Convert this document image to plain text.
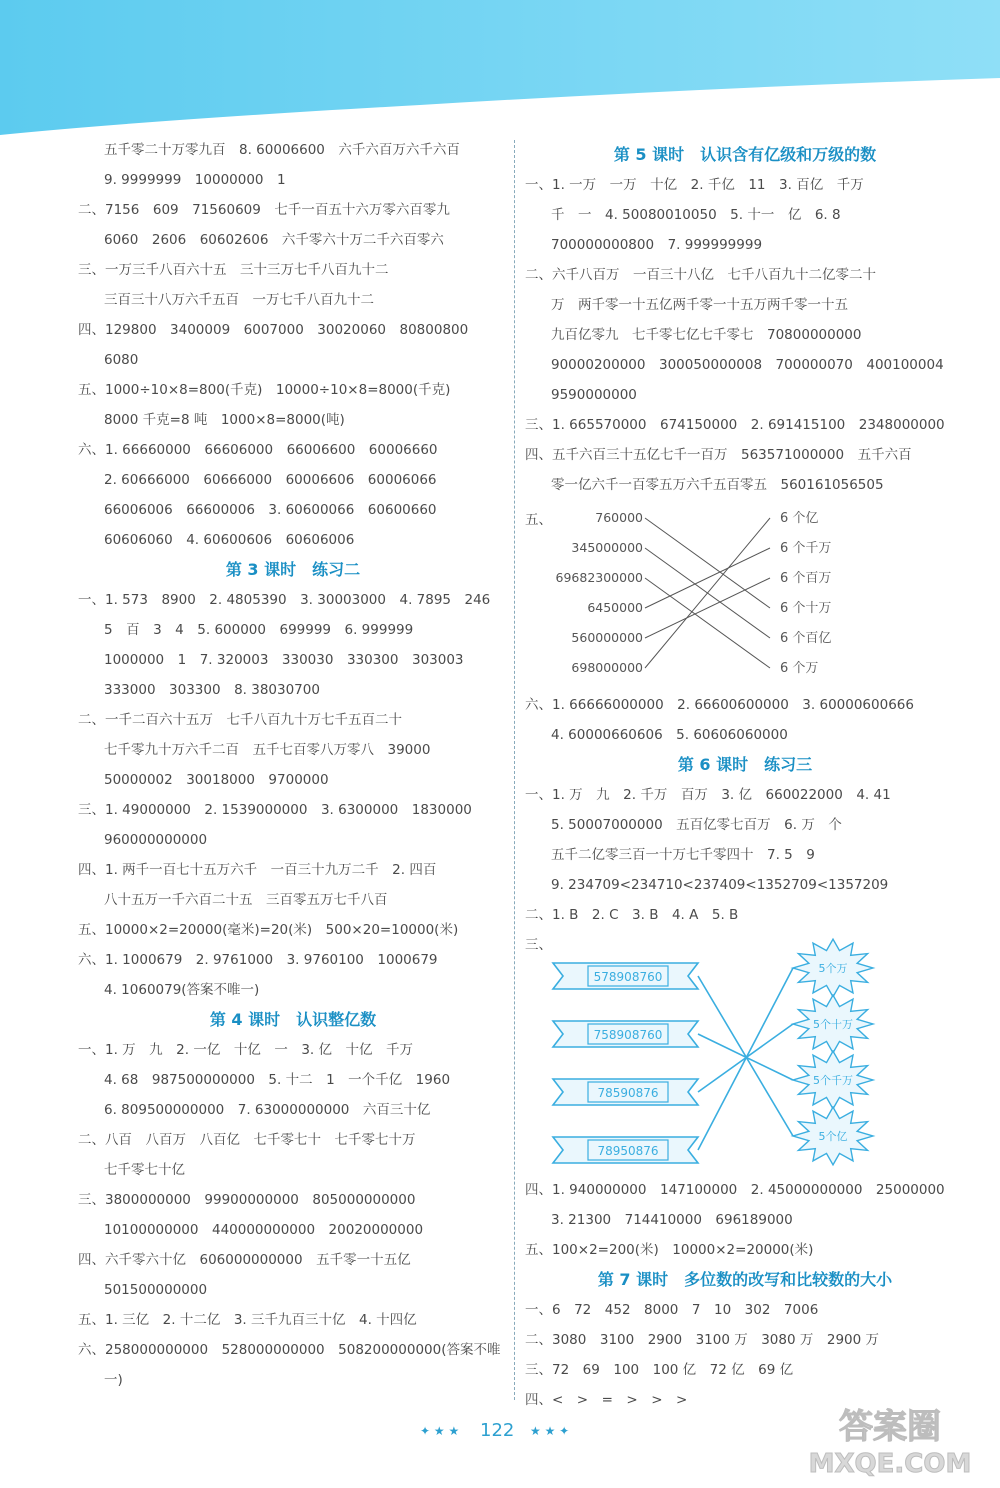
五千零二十万零九百　8. 60006600　六千六百万六千六百
9. 9999999　10000000　1
二、7156　609　71560609　七千一百五十六万零六百零九
6060　2606　60602606　六千零六十万二千六百零六
三、一万三千八百六十五　三十三万七千八百九十二
三百三十八万六千五百　一万七千八百九十二
四、129800　3400009　6007000　30020060　80800800
6080
五、1000÷10×8=800(千克)　10000÷10×8=8000(千克)
8000 千克=8 吨　1000×8=8000(吨)
六、1. 66660000　66606000　66006600　60006660
2. 60666000　60666000　60006606　60006066
66006006　66600006　3. 60600066　60600660
60606060　4. 60600606　60606006
第 3 课时　练习二
一、1. 573　8900　2. 4805390　3. 30003000　4. 7895　246
5　百　3　4　5. 600000　699999　6. 999999
1000000　1　7. 320003　330030　330300　303003
333000　303300　8. 38030700
二、一千二百六十五万　七千八百九十万七千五百二十
七千零九十万六千二百　五千七百零八万零八　39000
50000002　30018000　9700000
三、1. 49000000　2. 1539000000　3. 6300000　1830000
960000000000
四、1. 两千一百七十五万六千　一百三十九万二千　2. 四百
八十五万一千六百二十五　三百零五万七千八百
五、10000×2=20000(毫米)=20(米)　500×20=10000(米)
六、1. 1000679　2. 9761000　3. 9760100　1000679
4. 1060079(答案不唯一)
第 4 课时　认识整亿数
一、1. 万　九　2. 一亿　十亿　一　3. 亿　十亿　千万
4. 68　987500000000　5. 十二　1　一个千亿　1960
6. 809500000000　7. 63000000000　六百三十亿
二、八百　八百万　八百亿　七千零七十　七千零七十万
七千零七十亿
三、3800000000　99900000000　805000000000
10100000000　440000000000　20020000000
四、六千零六十亿　606000000000　五千零一十五亿
501500000000
五、1. 三亿　2. 十二亿　3. 三千九百三十亿　4. 十四亿
六、258000000000　528000000000　508200000000(答案不唯
一)
第 5 课时　认识含有亿级和万级的数
一、1. 一万　一万　十亿　2. 千亿　11　3. 百亿　千万
千　一　4. 50080010050　5. 十一　亿　6. 8
700000000800　7. 999999999
二、六千八百万　一百三十八亿　七千八百九十二亿零二十
万　两千零一十五亿两千零一十五万两千零一十五
九百亿零九　七千零七亿七千零七　70800000000
90000200000　300050000008　700000070　400100004
9590000000
三、1. 665570000　674150000　2. 691415100　2348000000
四、五千六百三十五亿七千一百万　563571000000　五千六百
零一亿六千一百零五万六千五百零五　560161056505
六、1. 66666000000　2. 66600600000　3. 60000600666
4. 60000660606　5. 60606060000
第 6 课时　练习三
一、1. 万　九　2. 千万　百万　3. 亿　660022000　4. 41
5. 50007000000　五百亿零七百万　6. 万　个
五千二亿零三百一十万七千零四十　7. 5　9
9. 234709<234710<237409<1352709<1357209
二、1. B　2. C　3. B　4. A　5. B
三、
四、1. 940000000　147100000　2. 45000000000　25000000
3. 21300　714410000　696189000
五、100×2=200(米)　10000×2=20000(米)
第 7 课时　多位数的改写和比较数的大小
一、6　72　452　8000　7　10　302　7006
二、3080　3100　2900　3100 万　3080 万　2900 万
三、72　69　100　100 亿　72 亿　69 亿
四、<　>　=　>　>　>
五、	760000
345000000
69682300000
6450000
560000000
698000000
6 个亿
6 个千万
6 个百万
6 个十万
6 个百亿
6 个万
578908760
758908760
78590876
78950876
5个万
5个十万
5个千万
5个亿
✦ ★ ★ 122 ★ ★ ✦	答案圈
MXQE.COM
